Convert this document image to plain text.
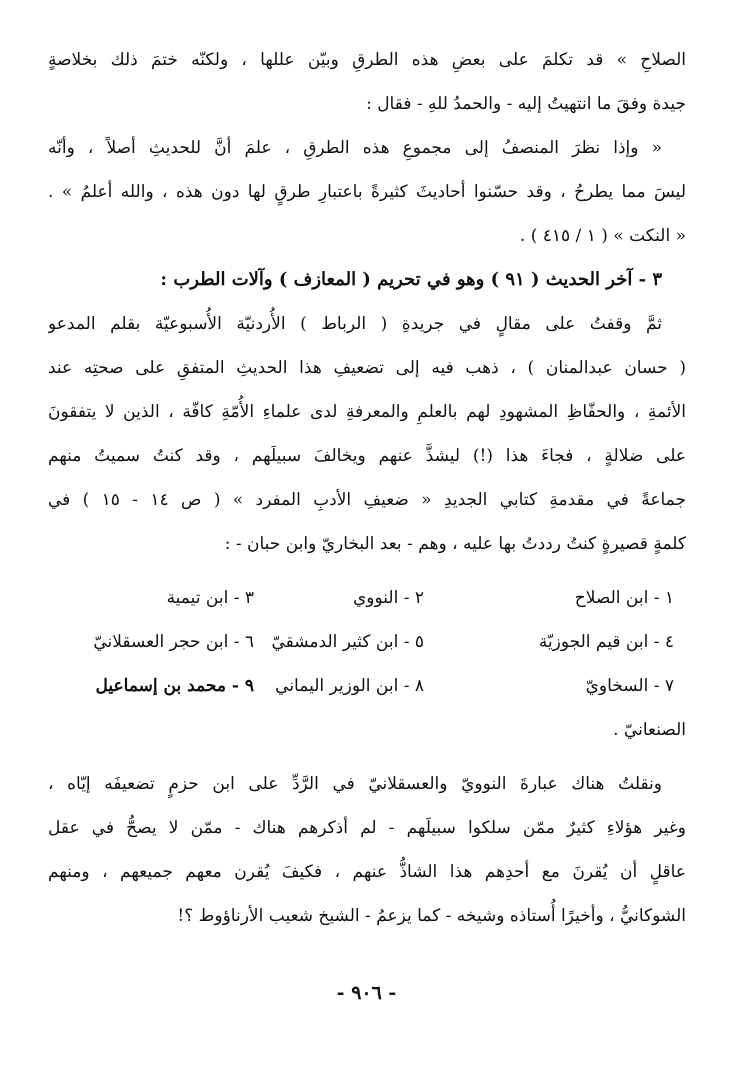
الصلاحِ » قد تكلمَ على بعضِ هذه الطرقِ وبيّن عللها ، ولكنّه ختمَ ذلك بخلاصةٍ
جيدة وفقَ ما انتهيتُ إليه - والحمدُ للهِ - فقال :
« وإذا نظرَ المنصفُ إلى مجموعِ هذه الطرقِ ، علمَ أنَّ للحديثِ أصلاً ، وأنّه
ليسَ مما يطرحُ ، وقد حسّنوا أحاديثَ كثيرةً باعتبارِ طرقٍ لها دون هذه ، والله أعلمُ » .
« النكت » ( ١ / ٤١٥ ) .
٣ - آخر الحديث ( ٩١ ) وهو في تحريم ( المعازف ) وآلات الطرب :
ثمَّ وقفتُ على مقالٍ في جريدةِ ( الرباط ) الأُردنيّة الأُسبوعيّة بقلم المدعو
( حسان عبدالمنان ) ، ذهب فيه إلى تضعيفِ هذا الحديثِ المتفقِ على صحتِه عند
الأئمةِ ، والحفّاظِ المشهودِ لهم بالعلمِ والمعرفةِ لدى علماءِ الأُمّةِ كافّة ، الذين لا يتفقونَ
على ضلالةٍ ، فجاءَ هذا (!) ليشذَّ عنهم ويخالفَ سبيلَهم ، وقد كنتُ سميتُ منهم
جماعةً في مقدمةِ كتابي الجديدِ « ضعيفِ الأدبِ المفرد » ( ص ١٤ - ١٥ ) في
كلمةٍ قصيرةٍ كنتُ رددتُ بها عليه ، وهم - بعد البخاريّ وابن حبان - :
١ - ابن الصلاح
٢ - النووي
٣ - ابن تيمية
٤ - ابن قيم الجوزيّة
٥ - ابن كثير الدمشقيّ
٦ - ابن حجر العسقلانيّ
٧ - السخاويّ
٨ - ابن الوزير اليماني
٩ - محمد بن إسماعيل
الصنعانيّ .
ونقلتُ هناك عبارةَ النوويّ والعسقلانيّ في الرَّدِّ على ابن حزمٍ تضعيفَه إيّاه ،
وغير هؤلاءِ كثيرٌ ممّن سلكوا سبيلَهم - لم أذكرهم هناك - ممّن لا يصحُّ في عقل
عاقلٍ أن يُقرنَ مع أحدِهم هذا الشاذُّ عنهم ، فكيفَ يُقرن معهم جميعهم ، ومنهم
الشوكانيُّ ، وأخيرًا أُستاذه وشيخه - كما يزعمُ - الشيخ شعيب الأرناؤوط ؟!
- ٩٠٦ -
